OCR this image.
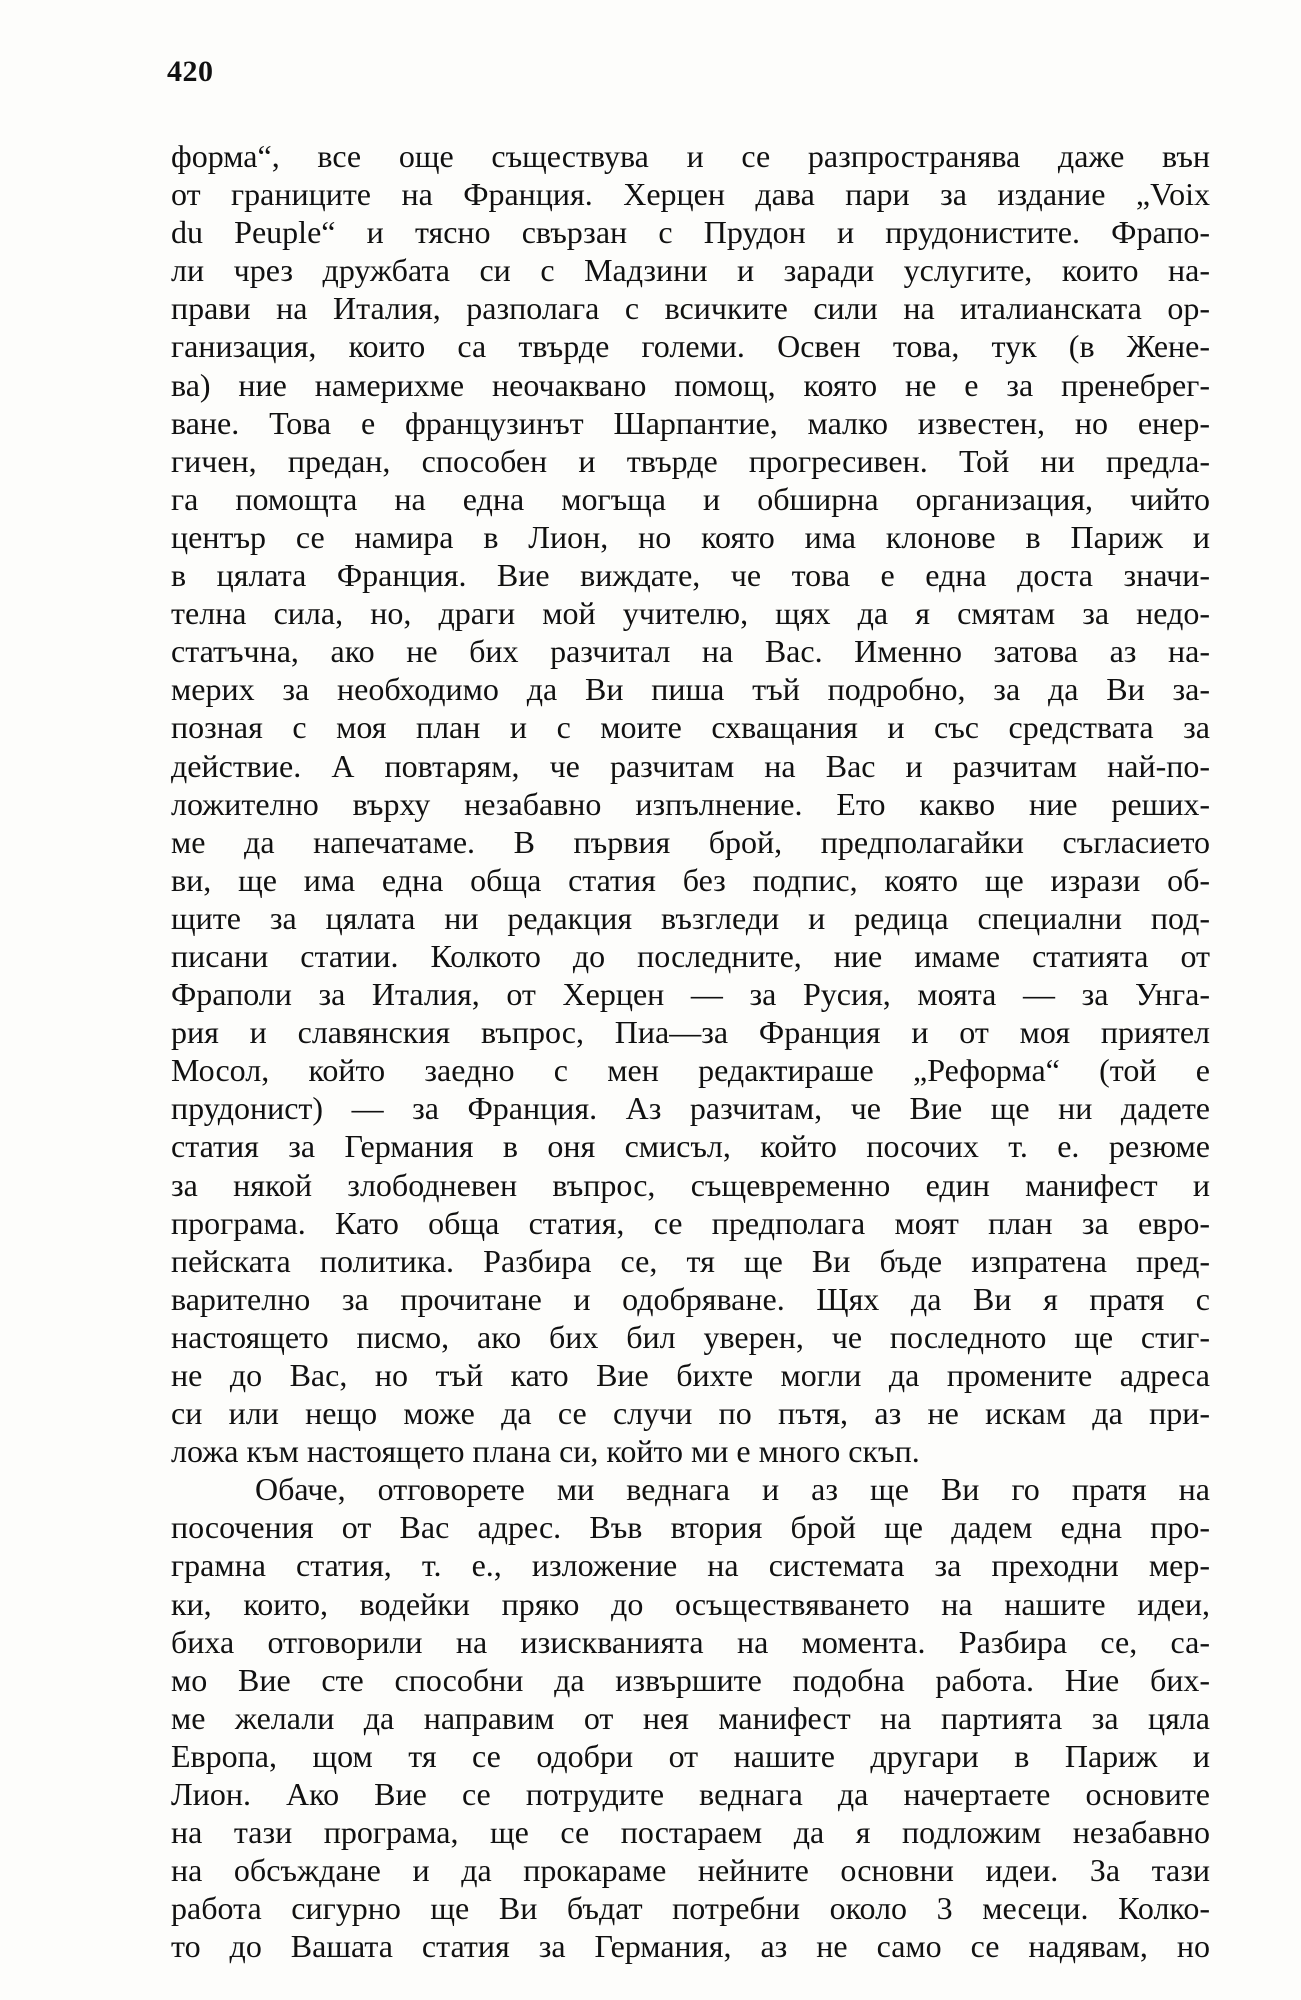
420
форма“, все още съществува и се разпространява даже вън
от границите на Франция. Херцен дава пари за издание „Voix
du Peuple“ и тясно свързан с Прудон и прудонистите. Фрапо-
ли чрез дружбата си с Мадзини и заради услугите, които на-
прави на Италия, разполага с всичките сили на италианската ор-
ганизация, които са твърде големи. Освен това, тук (в Жене-
ва) ние намерихме неочаквано помощ, която не е за пренебрег-
ване. Това е французинът Шарпантие, малко известен, но енер-
гичен, предан, способен и твърде прогресивен. Той ни предла-
га помощта на една могъща и обширна организация, чийто
център се намира в Лион, но която има клонове в Париж и
в цялата Франция. Вие виждате, че това е една доста значи-
телна сила, но, драги мой учителю, щях да я смятам за недо-
статъчна, ако не бих разчитал на Вас. Именно затова аз на-
мерих за необходимо да Ви пиша тъй подробно, за да Ви за-
позная с моя план и с моите схващания и със средствата за
действие. А повтарям, че разчитам на Вас и разчитам най-по-
ложително върху незабавно изпълнение. Ето какво ние реших-
ме да напечатаме. В първия брой, предполагайки съгласието
ви, ще има една обща статия без подпис, която ще изрази об-
щите за цялата ни редакция възгледи и редица специални под-
писани статии. Колкото до последните, ние имаме статията от
Фраполи за Италия, от Херцен — за Русия, моята — за Унга-
рия и славянския въпрос, Пиа—за Франция и от моя приятел
Мосол, който заедно с мен редактираше „Реформа“ (той е
прудонист) — за Франция. Аз разчитам, че Вие ще ни дадете
статия за Германия в оня смисъл, който посочих т. е. резюме
за някой злободневен въпрос, същевременно един манифест и
програма. Като обща статия, се предполага моят план за евро-
пейската политика. Разбира се, тя ще Ви бъде изпратена пред-
варително за прочитане и одобряване. Щях да Ви я пратя с
настоящето писмо, ако бих бил уверен, че последното ще стиг-
не до Вас, но тъй като Вие бихте могли да промените адреса
си или нещо може да се случи по пътя, аз не искам да при-
ложа към настоящето плана си, който ми е много скъп.
Обаче, отговорете ми веднага и аз ще Ви го пратя на
посочения от Вас адрес. Във втория брой ще дадем една про-
грамна статия, т. е., изложение на системата за преходни мер-
ки, които, водейки пряко до осъществяването на нашите идеи,
биха отговорили на изискванията на момента. Разбира се, са-
мо Вие сте способни да извършите подобна работа. Ние бих-
ме желали да направим от нея манифест на партията за цяла
Европа, щом тя се одобри от нашите другари в Париж и
Лион. Ако Вие се потрудите веднага да начертаете основите
на тази програма, ще се постараем да я подложим незабавно
на обсъждане и да прокараме нейните основни идеи. За тази
работа сигурно ще Ви бъдат потребни около 3 месеци. Колко-
то до Вашата статия за Германия, аз не само се надявам, но
